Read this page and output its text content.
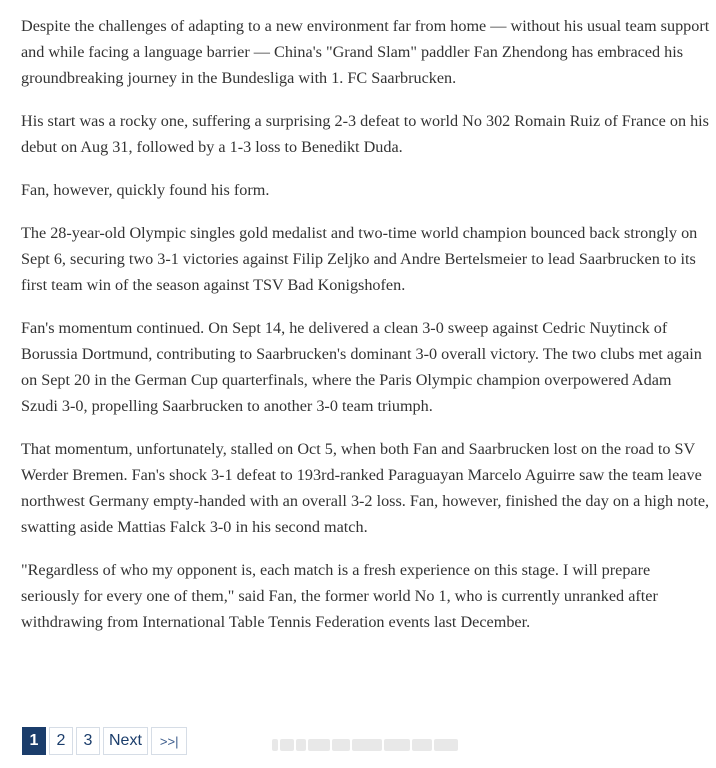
Despite the challenges of adapting to a new environment far from home — without his usual team support and while facing a language barrier — China's "Grand Slam" paddler Fan Zhendong has embraced his groundbreaking journey in the Bundesliga with 1. FC Saarbrucken.

His start was a rocky one, suffering a surprising 2-3 defeat to world No 302 Romain Ruiz of France on his debut on Aug 31, followed by a 1-3 loss to Benedikt Duda.

Fan, however, quickly found his form.

The 28-year-old Olympic singles gold medalist and two-time world champion bounced back strongly on Sept 6, securing two 3-1 victories against Filip Zeljko and Andre Bertelsmeier to lead Saarbrucken to its first team win of the season against TSV Bad Konigshofen.

Fan's momentum continued. On Sept 14, he delivered a clean 3-0 sweep against Cedric Nuytinck of Borussia Dortmund, contributing to Saarbrucken's dominant 3-0 overall victory. The two clubs met again on Sept 20 in the German Cup quarterfinals, where the Paris Olympic champion overpowered Adam Szudi 3-0, propelling Saarbrucken to another 3-0 team triumph.

That momentum, unfortunately, stalled on Oct 5, when both Fan and Saarbrucken lost on the road to SV Werder Bremen. Fan's shock 3-1 defeat to 193rd-ranked Paraguayan Marcelo Aguirre saw the team leave northwest Germany empty-handed with an overall 3-2 loss. Fan, however, finished the day on a high note, swatting aside Mattias Falck 3-0 in his second match.

"Regardless of who my opponent is, each match is a fresh experience on this stage. I will prepare seriously for every one of them," said Fan, the former world No 1, who is currently unranked after withdrawing from International Table Tennis Federation events last December.

1	2	3	Next	>>|
